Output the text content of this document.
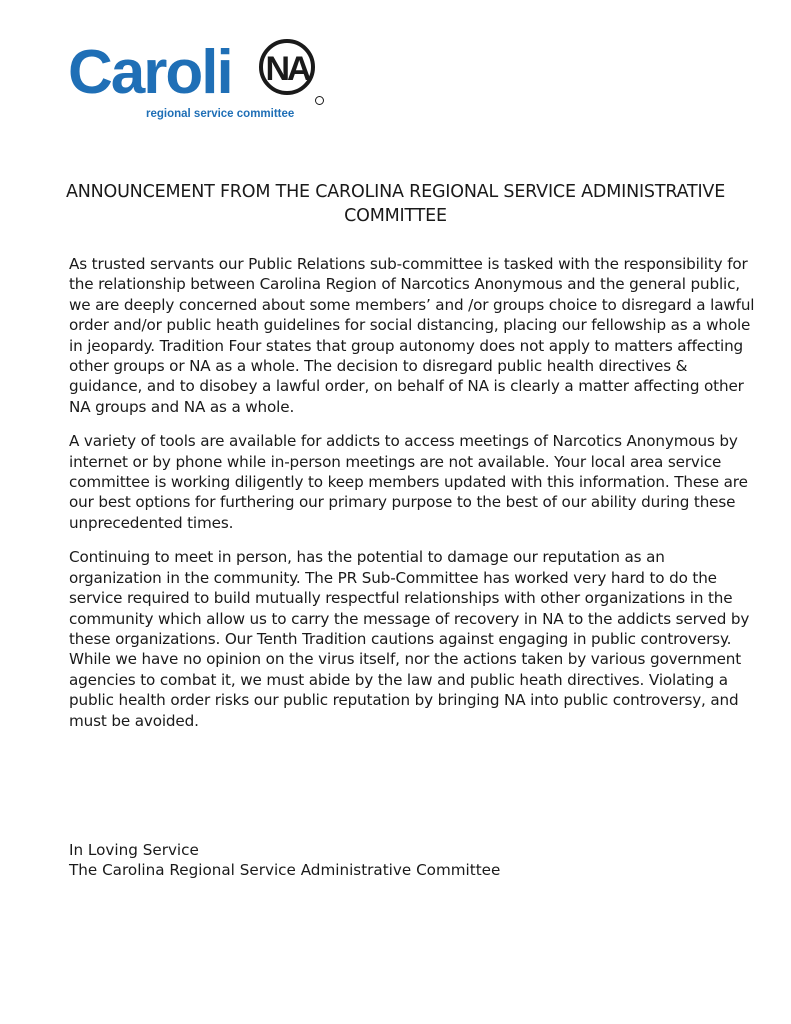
Caroli NA
regional service committee
ANNOUNCEMENT FROM THE CAROLINA REGIONAL SERVICE ADMINISTRATIVE COMMITTEE

As trusted servants our Public Relations sub-committee is tasked with the responsibility for the relationship between Carolina Region of Narcotics Anonymous and the general public, we are deeply concerned about some members’ and /or groups choice to disregard a lawful order and/or public heath guidelines for social distancing, placing our fellowship as a whole in jeopardy. Tradition Four states that group autonomy does not apply to matters affecting other groups or NA as a whole. The decision to disregard public health directives & guidance, and to disobey a lawful order, on behalf of NA is clearly a matter affecting other NA groups and NA as a whole.

A variety of tools are available for addicts to access meetings of Narcotics Anonymous by internet or by phone while in-person meetings are not available. Your local area service committee is working diligently to keep members updated with this information. These are our best options for furthering our primary purpose to the best of our ability during these unprecedented times.

Continuing to meet in person, has the potential to damage our reputation as an organization in the community. The PR Sub-Committee has worked very hard to do the service required to build mutually respectful relationships with other organizations in the community which allow us to carry the message of recovery in NA to the addicts served by these organizations. Our Tenth Tradition cautions against engaging in public controversy. While we have no opinion on the virus itself, nor the actions taken by various government agencies to combat it, we must abide by the law and public heath directives. Violating a public health order risks our public reputation by bringing NA into public controversy, and must be avoided.

In Loving Service
The Carolina Regional Service Administrative Committee
